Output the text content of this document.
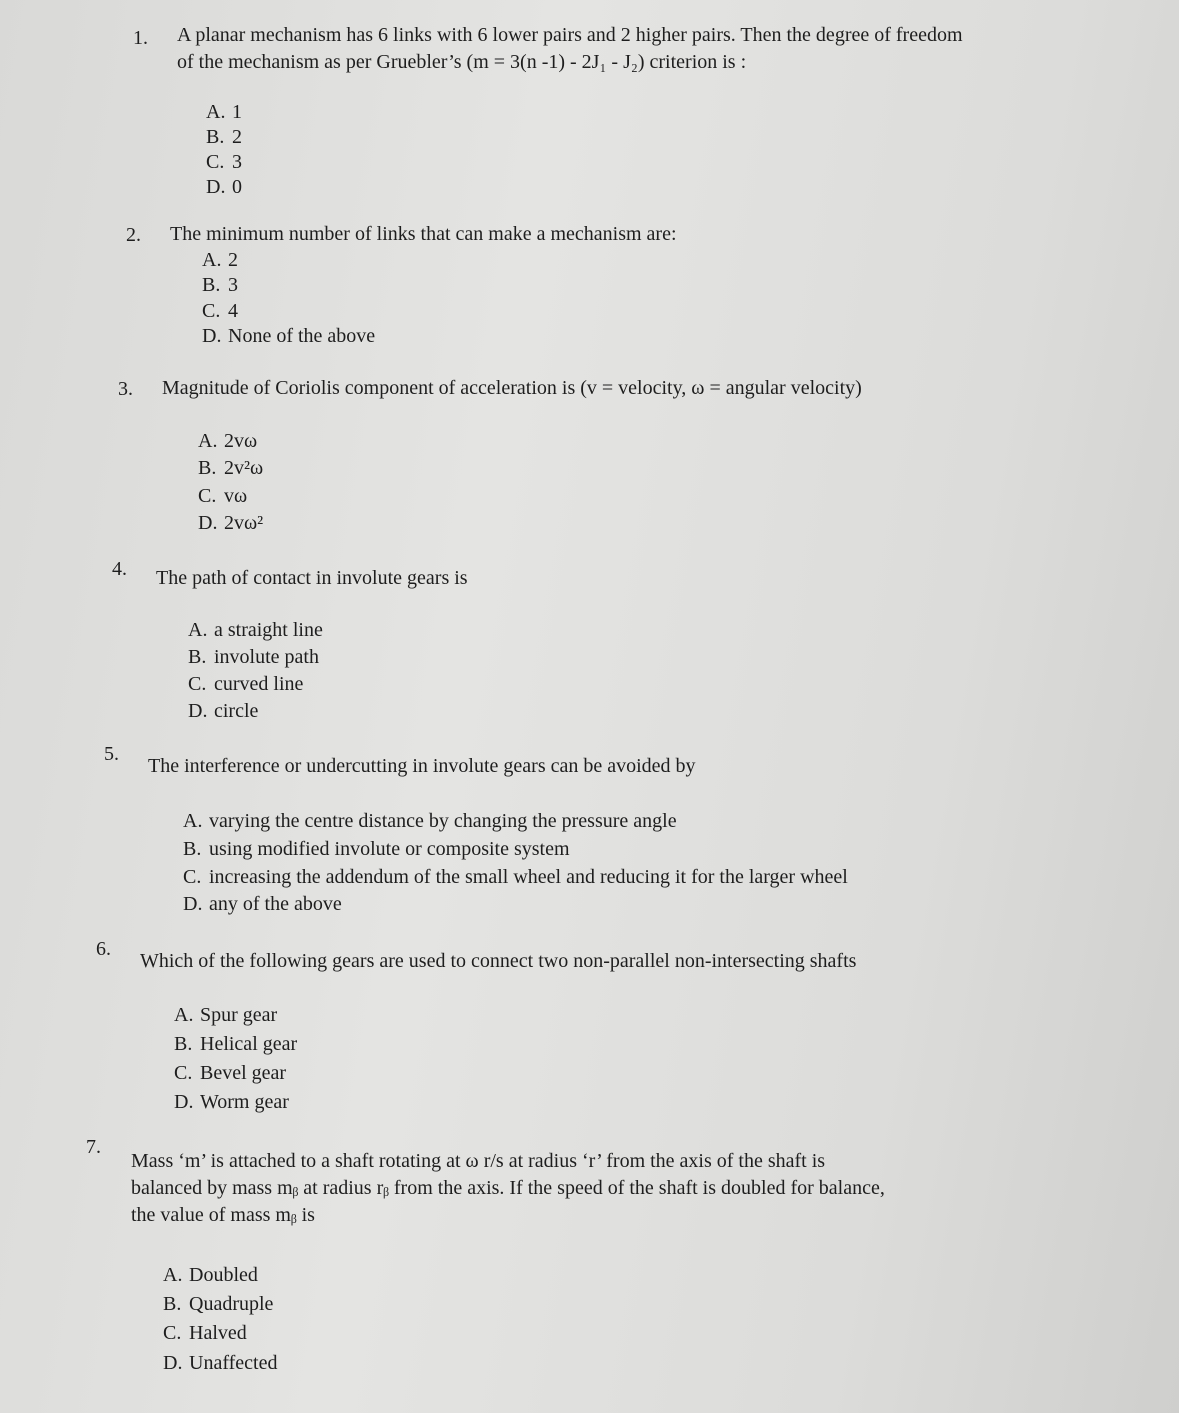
1. A planar mechanism has 6 links with 6 lower pairs and 2 higher pairs. Then the degree of freedom
of the mechanism as per Gruebler’s (m = 3(n -1) - 2J₁ - J₂) criterion is :
A. 1
B. 2
C. 3
D. 0
2. The minimum number of links that can make a mechanism are:
A. 2
B. 3
C. 4
D. None of the above
3. Magnitude of Coriolis component of acceleration is (v = velocity, ω = angular velocity)
A. 2vω
B. 2v²ω
C. vω
D. 2vω²
4. The path of contact in involute gears is
A. a straight line
B. involute path
C. curved line
D. circle
5.
The interference or undercutting in involute gears can be avoided by
A. varying the centre distance by changing the pressure angle
B. using modified involute or composite system
C. increasing the addendum of the small wheel and reducing it for the larger wheel
D. any of the above
6.
Which of the following gears are used to connect two non-parallel non-intersecting shafts
A. Spur gear
B. Helical gear
C. Bevel gear
D. Worm gear
7.
Mass ‘m’ is attached to a shaft rotating at ω r/s at radius ‘r’ from the axis of the shaft is
balanced by mass mᵦ at radius rᵦ from the axis. If the speed of the shaft is doubled for balance,
the value of mass mᵦ is
A. Doubled
B. Quadruple
C. Halved
D. Unaffected
